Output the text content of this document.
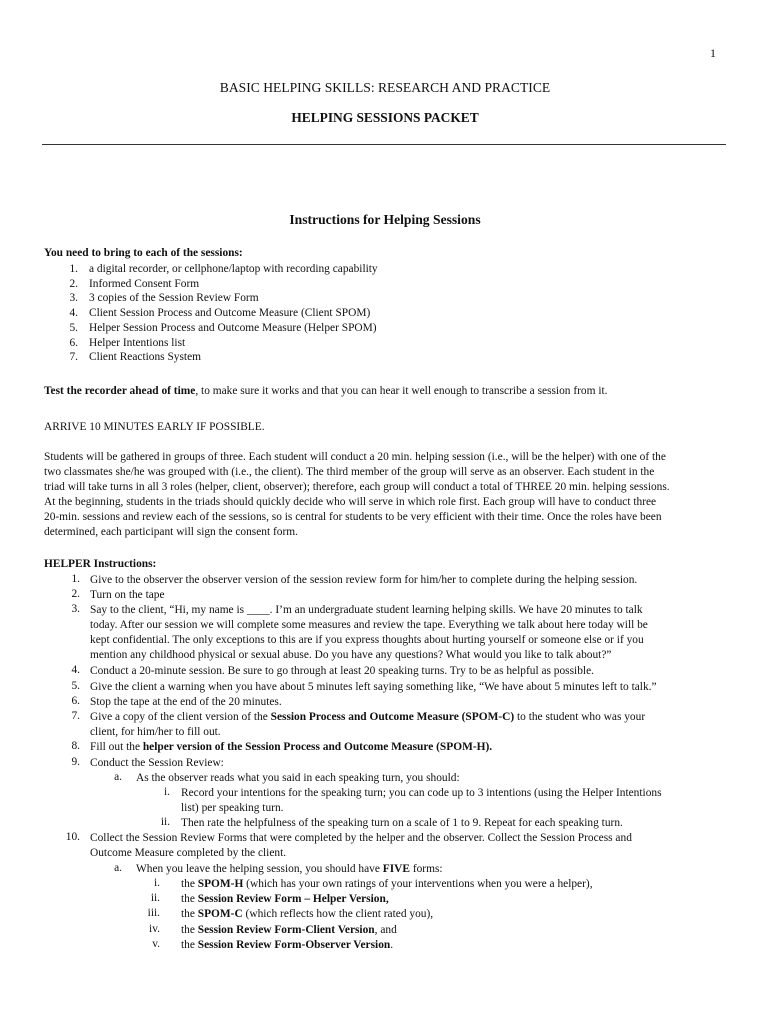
1
BASIC HELPING SKILLS: RESEARCH AND PRACTICE
HELPING SESSIONS PACKET
Instructions for Helping Sessions
You need to bring to each of the sessions:
1. a digital recorder, or cellphone/laptop with recording capability
2. Informed Consent Form
3. 3 copies of the Session Review Form
4. Client Session Process and Outcome Measure (Client SPOM)
5. Helper Session Process and Outcome Measure (Helper SPOM)
6. Helper Intentions list
7. Client Reactions System
Test the recorder ahead of time, to make sure it works and that you can hear it well enough to transcribe a session from it.
ARRIVE 10 MINUTES EARLY IF POSSIBLE.
Students will be gathered in groups of three. Each student will conduct a 20 min. helping session (i.e., will be the helper) with one of the
two classmates she/he was grouped with (i.e., the client). The third member of the group will serve as an observer. Each student in the
triad will take turns in all 3 roles (helper, client, observer); therefore, each group will conduct a total of THREE 20 min. helping sessions.
At the beginning, students in the triads should quickly decide who will serve in which role first. Each group will have to conduct three
20-min. sessions and review each of the sessions, so is central for students to be very efficient with their time. Once the roles have been
determined, each participant will sign the consent form.
HELPER Instructions:
1. Give to the observer the observer version of the session review form for him/her to complete during the helping session.
2. Turn on the tape
3. Say to the client, “Hi, my name is ____. I’m an undergraduate student learning helping skills. We have 20 minutes to talk
today. After our session we will complete some measures and review the tape. Everything we talk about here today will be
kept confidential. The only exceptions to this are if you express thoughts about hurting yourself or someone else or if you
mention any childhood physical or sexual abuse. Do you have any questions? What would you like to talk about?”
4. Conduct a 20-minute session. Be sure to go through at least 20 speaking turns. Try to be as helpful as possible.
5. Give the client a warning when you have about 5 minutes left saying something like, “We have about 5 minutes left to talk.”
6. Stop the tape at the end of the 20 minutes.
7. Give a copy of the client version of the Session Process and Outcome Measure (SPOM-C) to the student who was your
client, for him/her to fill out.
8. Fill out the helper version of the Session Process and Outcome Measure (SPOM-H).
9. Conduct the Session Review:
a. As the observer reads what you said in each speaking turn, you should:
i. Record your intentions for the speaking turn; you can code up to 3 intentions (using the Helper Intentions
list) per speaking turn.
ii. Then rate the helpfulness of the speaking turn on a scale of 1 to 9. Repeat for each speaking turn.
10. Collect the Session Review Forms that were completed by the helper and the observer. Collect the Session Process and
Outcome Measure completed by the client.
a. When you leave the helping session, you should have FIVE forms:
i. the SPOM-H (which has your own ratings of your interventions when you were a helper),
ii. the Session Review Form – Helper Version,
iii. the SPOM-C (which reflects how the client rated you),
iv. the Session Review Form-Client Version, and
v. the Session Review Form-Observer Version.
